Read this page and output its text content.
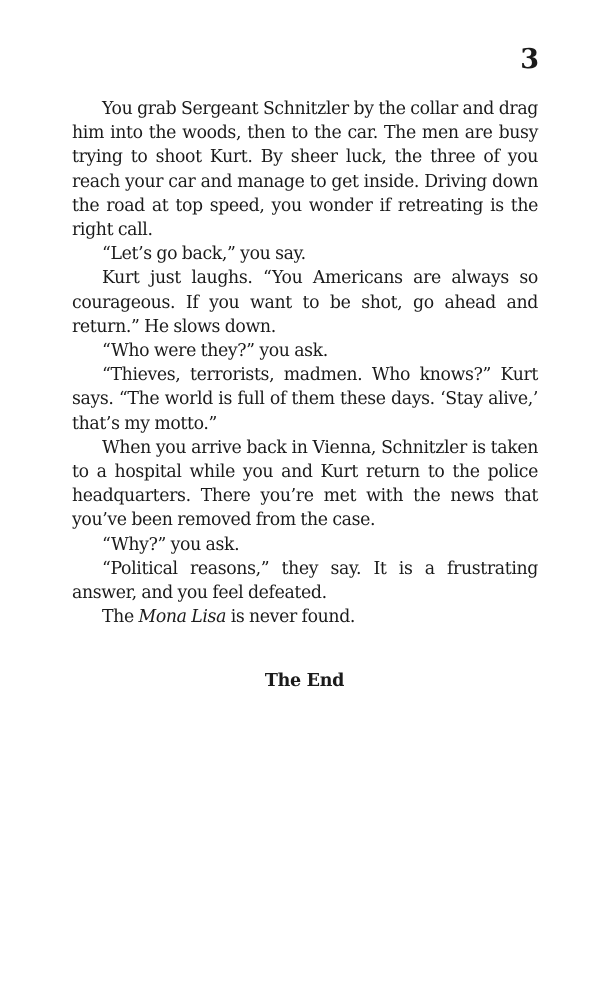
3

You grab Sergeant Schnitzler by the collar and drag him into the woods, then to the car. The men are busy trying to shoot Kurt. By sheer luck, the three of you reach your car and manage to get inside. Driving down the road at top speed, you wonder if retreating is the right call.

“Let’s go back,” you say.

Kurt just laughs. “You Americans are always so courageous. If you want to be shot, go ahead and return.” He slows down.

“Who were they?” you ask.

“Thieves, terrorists, madmen. Who knows?” Kurt says. “The world is full of them these days. ‘Stay alive,’ that’s my motto.”

When you arrive back in Vienna, Schnitzler is taken to a hospital while you and Kurt return to the police headquarters. There you’re met with the news that you’ve been removed from the case.

“Why?” you ask.

“Political reasons,” they say. It is a frustrating answer, and you feel defeated.

The Mona Lisa is never found.

The End
